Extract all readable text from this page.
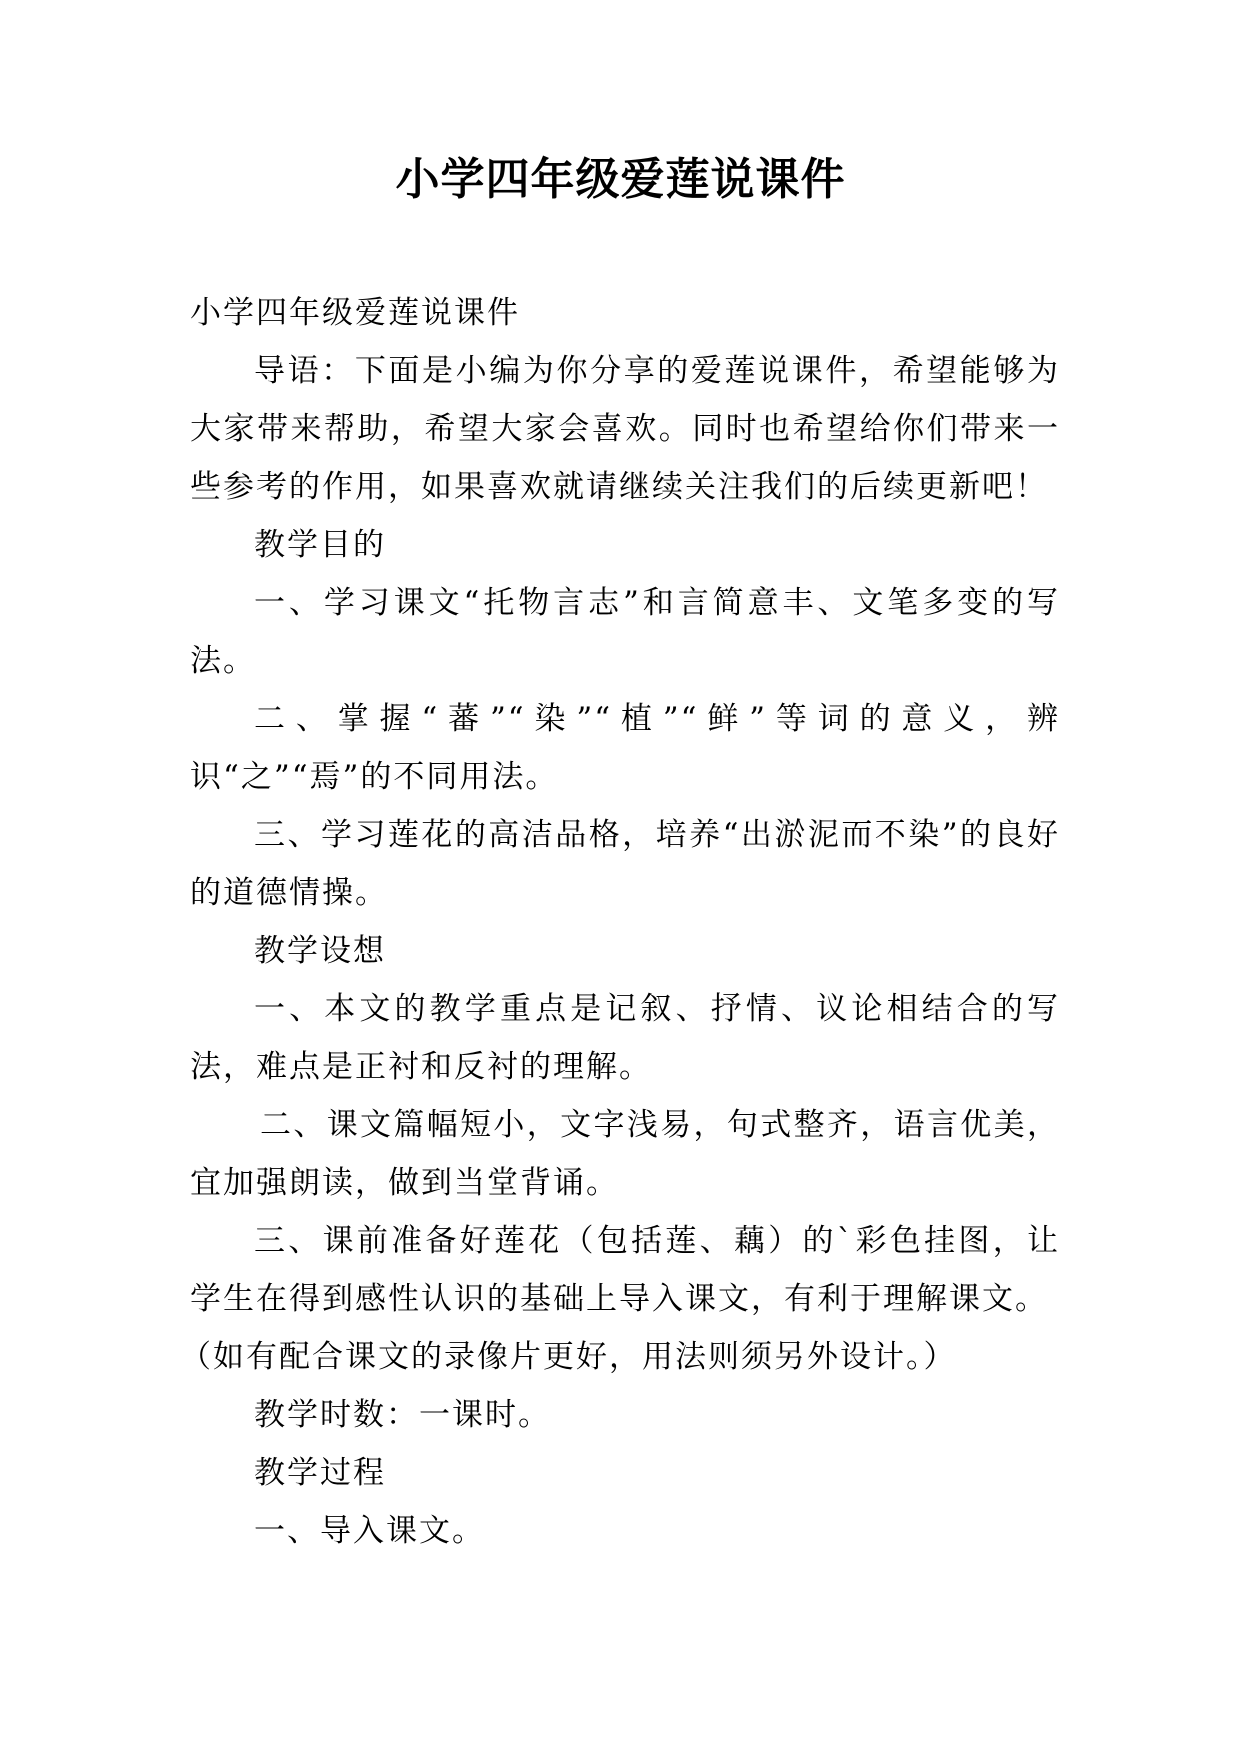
小学四年级爱莲说课件

小学四年级爱莲说课件

导语：下面是小编为你分享的爱莲说课件，希望能够为大家带来帮助，希望大家会喜欢。同时也希望给你们带来一些参考的作用，如果喜欢就请继续关注我们的后续更新吧！

教学目的

一、学习课文“托物言志”和言简意丰、文笔多变的写法。

二、掌握“蕃”“染”“植”“鲜”等词的意义，辨识“之”“焉”的不同用法。

三、学习莲花的高洁品格，培养“出淤泥而不染”的良好的道德情操。

教学设想

一、本文的教学重点是记叙、抒情、议论相结合的写法，难点是正衬和反衬的理解。

二、课文篇幅短小，文字浅易，句式整齐，语言优美，宜加强朗读，做到当堂背诵。

三、课前准备好莲花（包括莲、藕）的`彩色挂图，让学生在得到感性认识的基础上导入课文，有利于理解课文。

（如有配合课文的录像片更好，用法则须另外设计。）

教学时数：一课时。

教学过程

一、导入课文。
